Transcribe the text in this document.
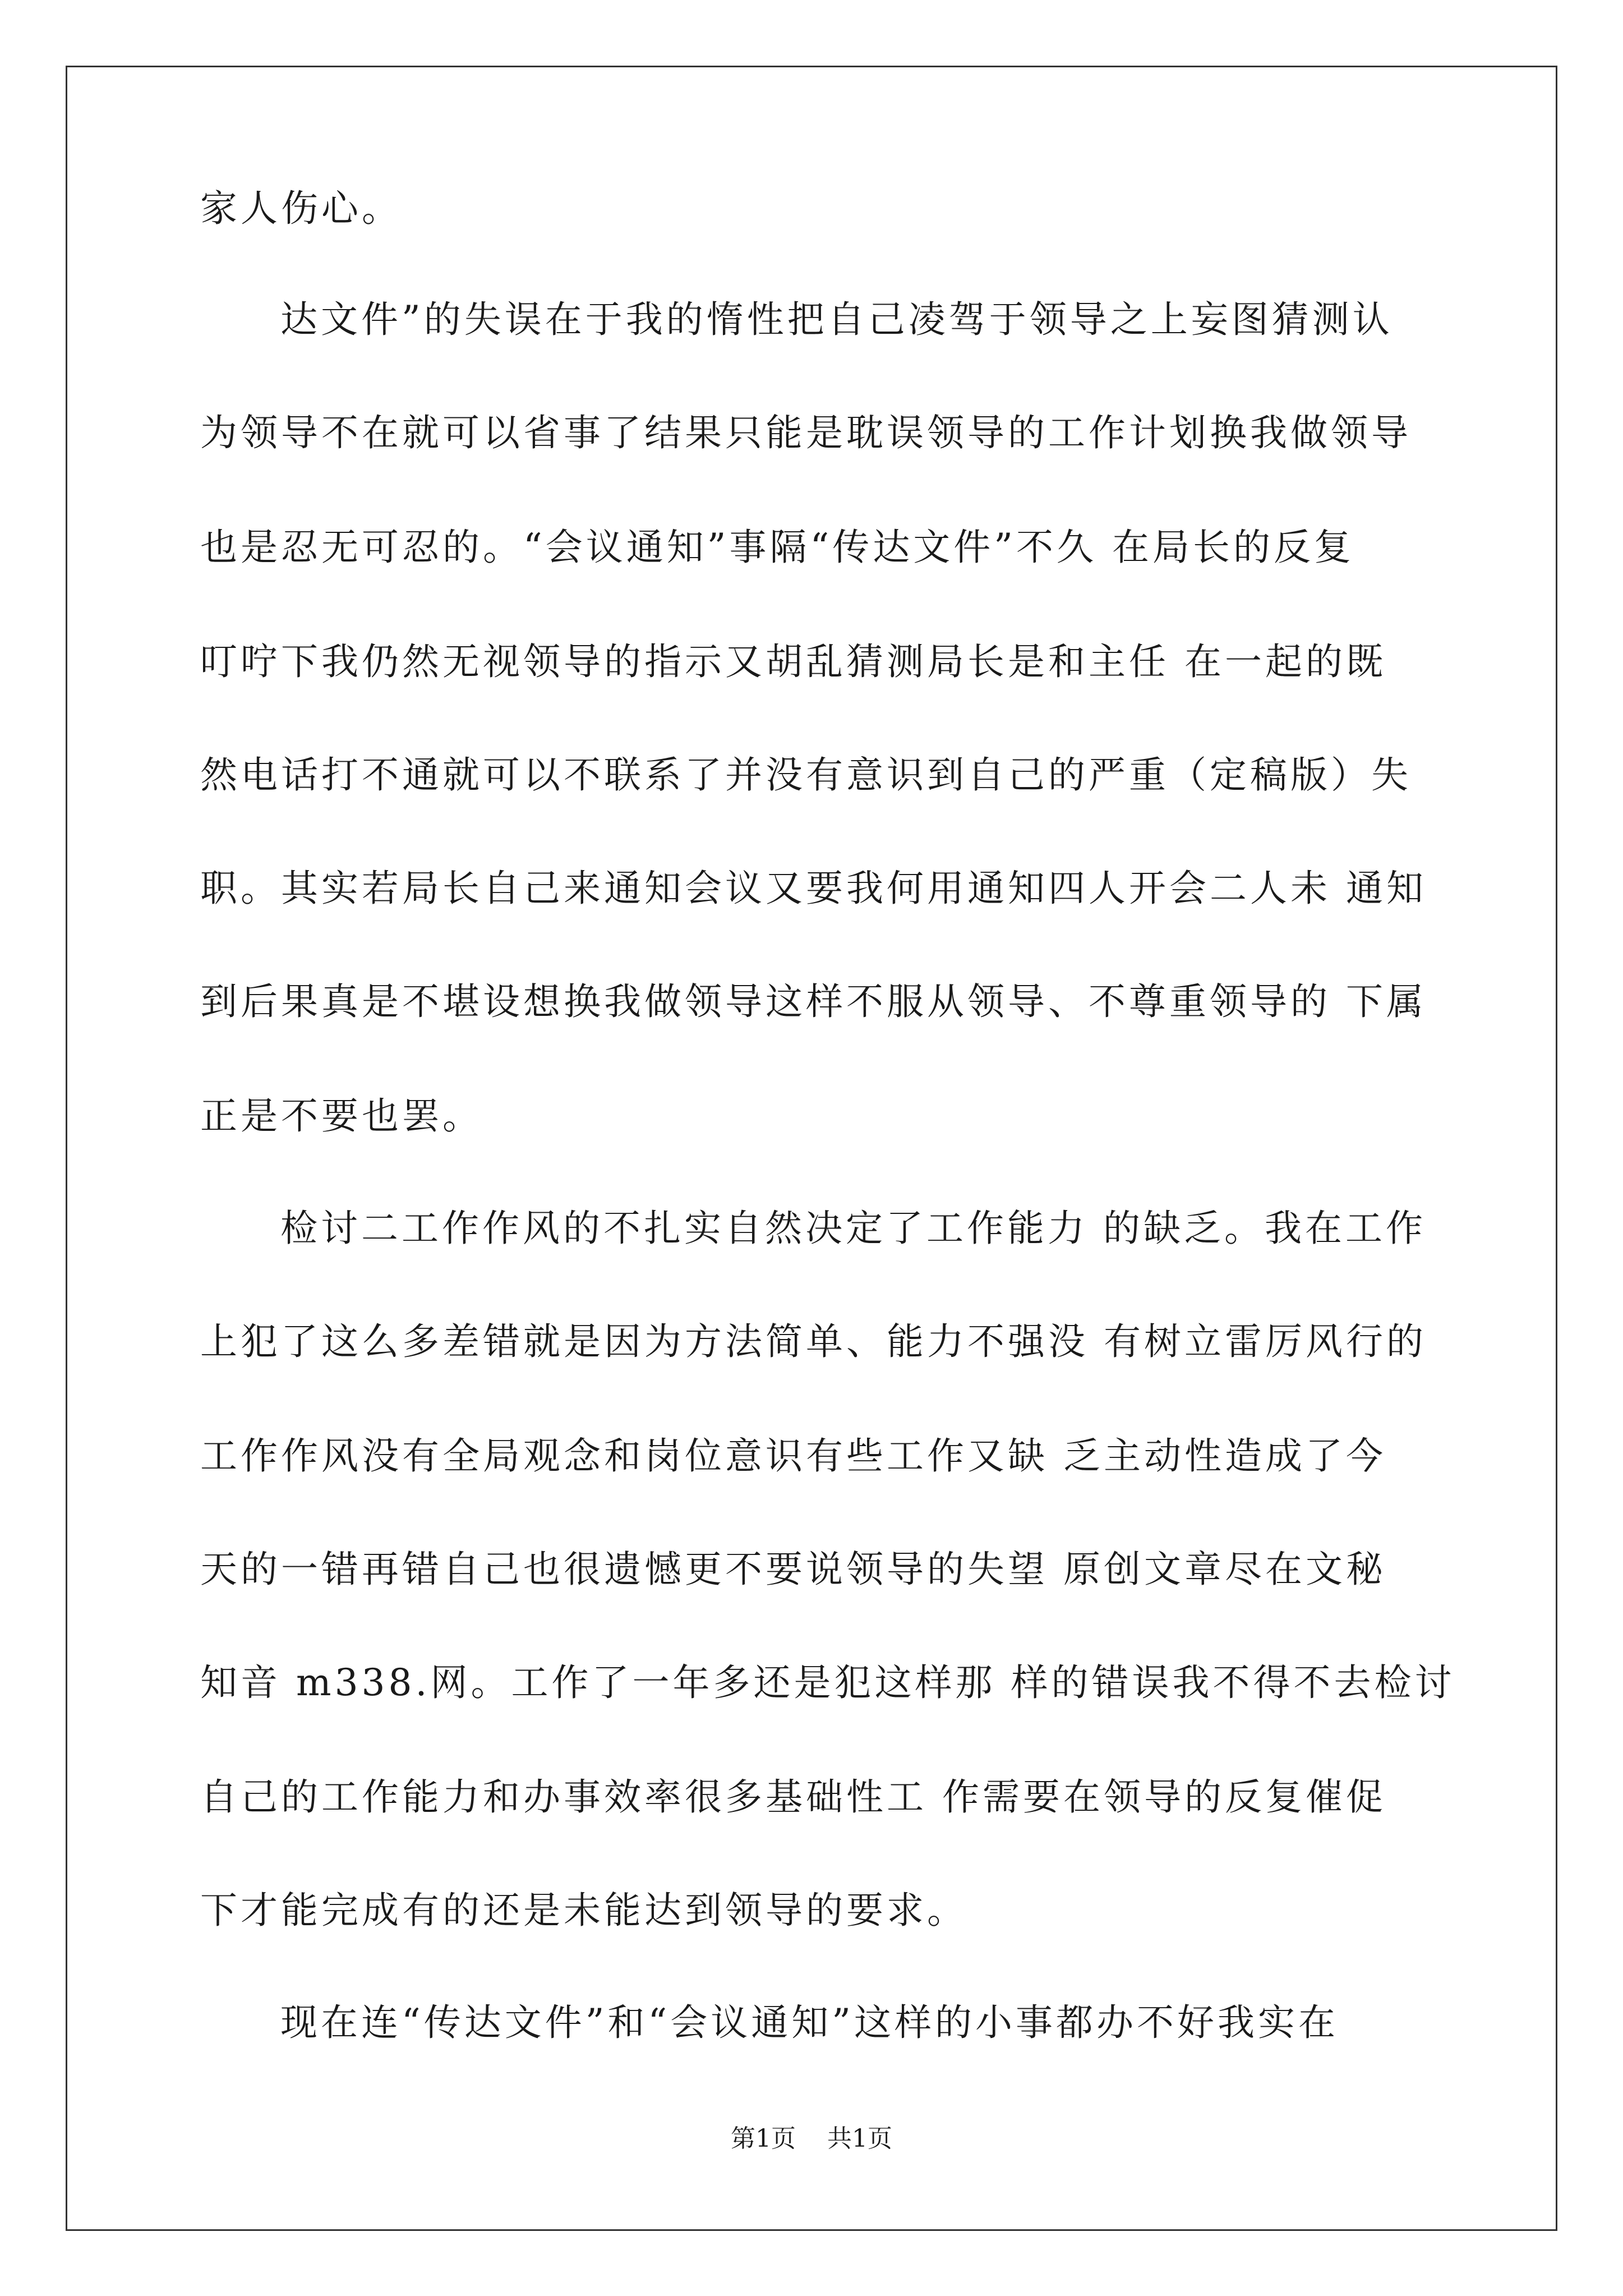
家人伤心。
达文件”的失误在于我的惰性把自己凌驾于领导之上妄图猜测认
为领导不在就可以省事了结果只能是耽误领导的工作计划换我做领导
也是忍无可忍的。“会议通知”事隔“传达文件”不久 在局长的反复
叮咛下我仍然无视领导的指示又胡乱猜测局长是和主任 在一起的既
然电话打不通就可以不联系了并没有意识到自己的严重（定稿版）失
职。其实若局长自己来通知会议又要我何用通知四人开会二人未 通知
到后果真是不堪设想换我做领导这样不服从领导、不尊重领导的 下属
正是不要也罢。
检讨二工作作风的不扎实自然决定了工作能力 的缺乏。我在工作
上犯了这么多差错就是因为方法简单、能力不强没 有树立雷厉风行的
工作作风没有全局观念和岗位意识有些工作又缺 乏主动性造成了今
天的一错再错自己也很遗憾更不要说领导的失望 原创文章尽在文秘
知音 m338.网。工作了一年多还是犯这样那 样的错误我不得不去检讨
自己的工作能力和办事效率很多基础性工 作需要在领导的反复催促
下才能完成有的还是未能达到领导的要求。
现在连“传达文件”和“会议通知”这样的小事都办不好我实在
第1页    共1页
